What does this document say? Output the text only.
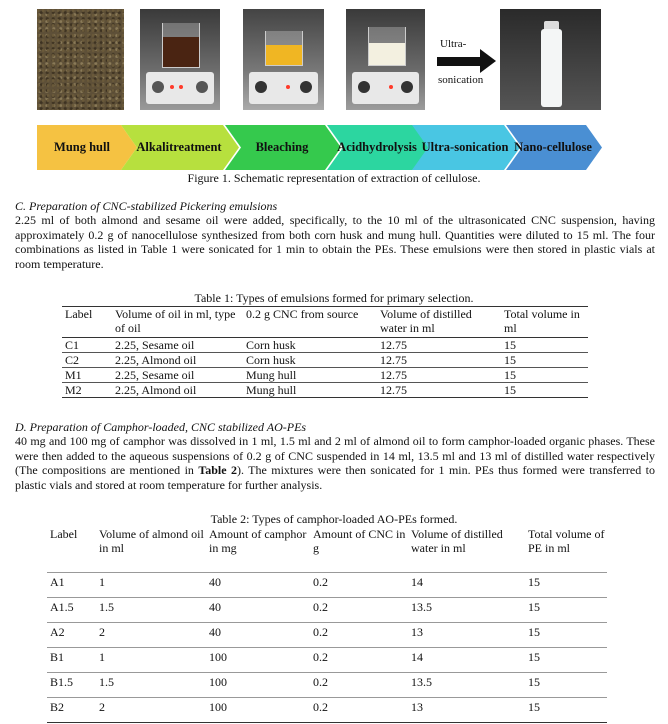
Ultra-
sonication
Mung hull Alkali treatment	Bleaching Acid hydrolysis Ultra- sonication Nano- cellulose
Figure 1. Schematic representation of extraction of cellulose.
C. Preparation of CNC-stabilized Pickering emulsions
2.25 ml of both almond and sesame oil were added, specifically, to the 10 ml of the ultrasonicated CNC suspension, having approximately 0.2 g of nanocellulose synthesized from both corn husk and mung hull. Quantities were diluted to 15 ml. The four combinations as listed in Table 1 were sonicated for 1 min to obtain the PEs. These emulsions were then stored in plastic vials at room temperature.
Table 1: Types of emulsions formed for primary selection.
Label	Volume of oil in ml, type of oil	0.2 g CNC from source	Volume of distilled water in ml	Total volume in ml
C1	2.25, Sesame oil	Corn husk	12.75	15
C2	2.25, Almond oil	Corn husk	12.75	15
M1	2.25, Sesame oil	Mung hull	12.75	15
M2	2.25, Almond oil	Mung hull	12.75	15
D. Preparation of Camphor-loaded, CNC stabilized AO-PEs
40 mg and 100 mg of camphor was dissolved in 1 ml, 1.5 ml and 2 ml of almond oil to form camphor-loaded organic phases. These were then added to the aqueous suspensions of 0.2 g of CNC suspended in 14 ml, 13.5 ml and 13 ml of distilled water respectively (The compositions are mentioned in Table 2). The mixtures were then sonicated for 1 min. PEs thus formed were transferred to plastic vials and stored at room temperature for further analysis.
Table 2: Types of camphor-loaded AO-PEs formed.
Label	Volume of almond oil in ml	Amount of camphor in mg	Amount of CNC in g	Volume of distilled water in ml	Total volume of PE in ml
A1	1	40	0.2	14	15
A1.5	1.5	40	0.2	13.5	15
A2	2	40	0.2	13	15
B1	1	100	0.2	14	15
B1.5	1.5	100	0.2	13.5	15
B2	2	100	0.2	13	15
